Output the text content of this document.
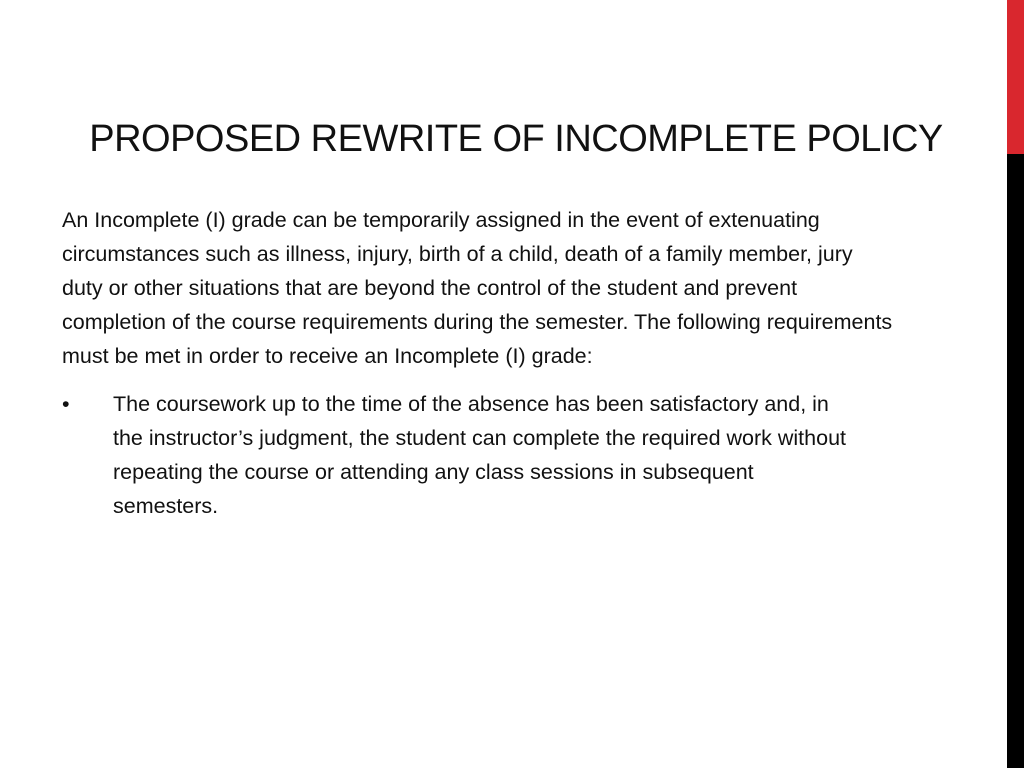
PROPOSED REWRITE OF INCOMPLETE POLICY

An Incomplete (I) grade can be temporarily assigned in the event of extenuating circumstances such as illness, injury, birth of a child, death of a family member, jury duty or other situations that are beyond the control of the student and prevent completion of the course requirements during the semester. The following requirements must be met in order to receive an Incomplete (I) grade:

• The coursework up to the time of the absence has been satisfactory and, in the instructor’s judgment, the student can complete the required work without repeating the course or attending any class sessions in subsequent semesters.
